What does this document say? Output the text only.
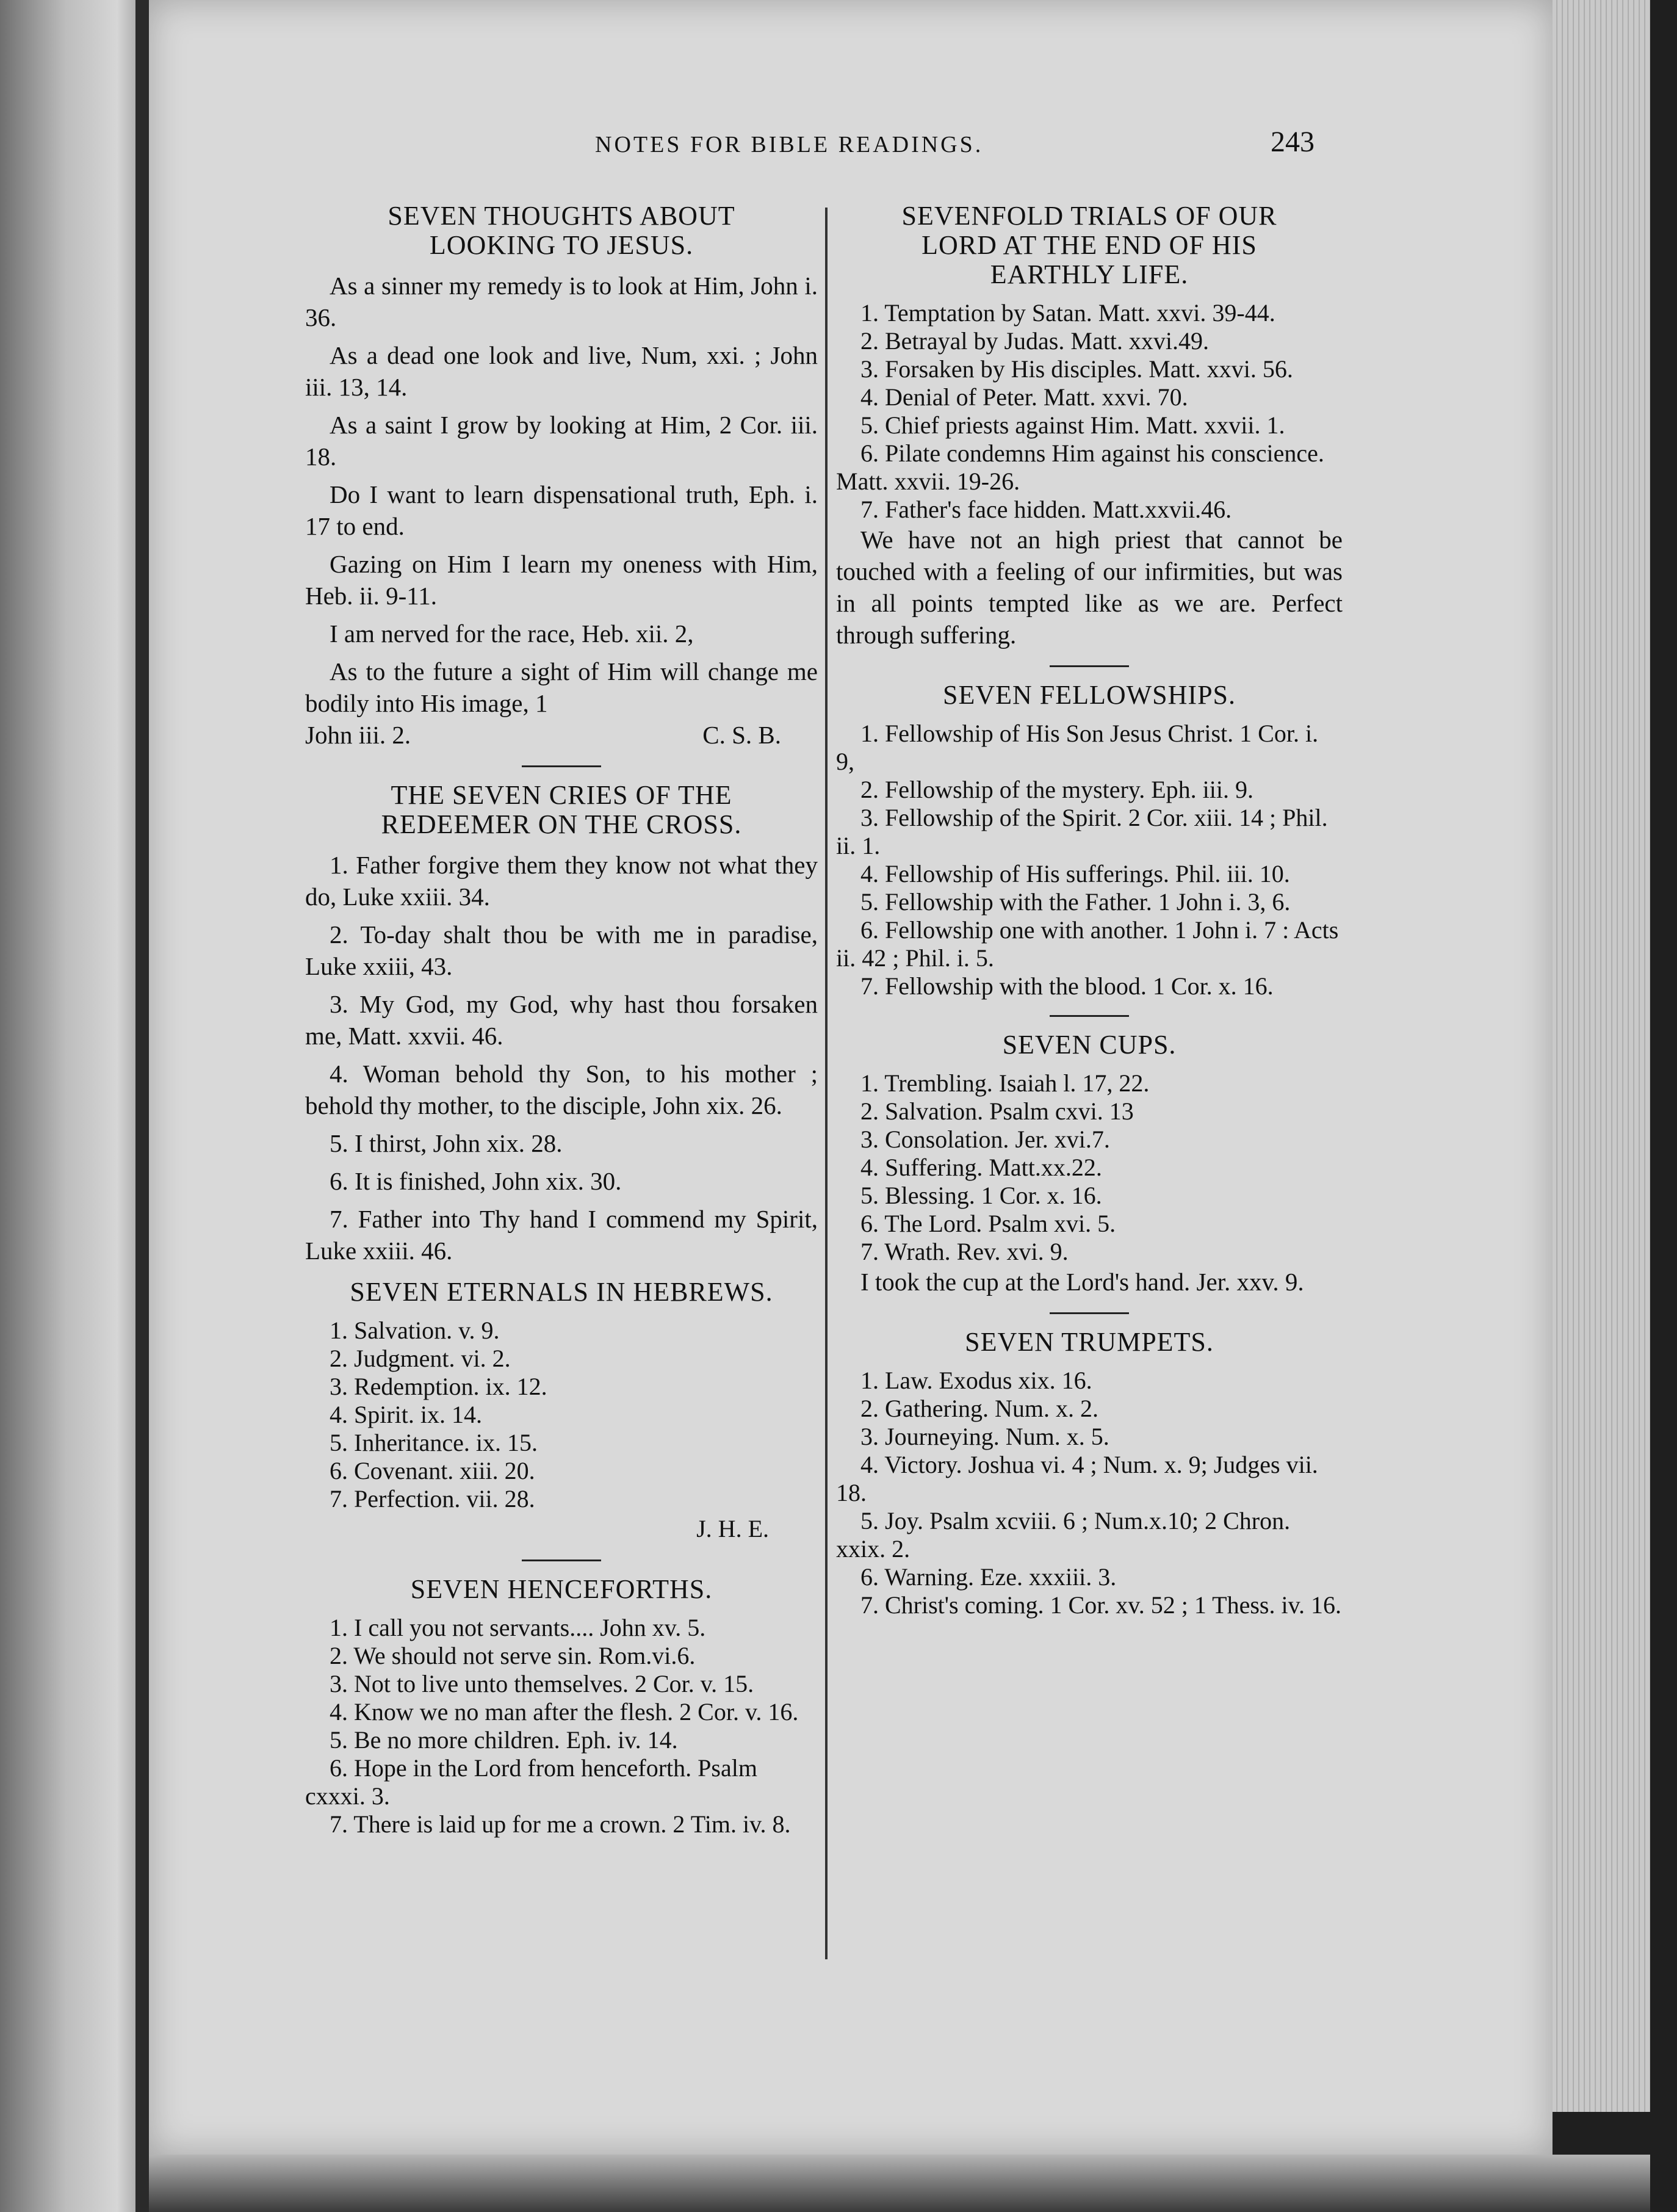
NOTES FOR BIBLE READINGS.	243
SEVEN THOUGHTS ABOUT
LOOKING TO JESUS.

As a sinner my remedy is to look at Him, John i. 36.

As a dead one look and live, Num, xxi. ; John iii. 13, 14.

As a saint I grow by looking at Him, 2 Cor. iii. 18.

Do I want to learn dispensational truth, Eph. i. 17 to end.

Gazing on Him I learn my oneness with Him, Heb. ii. 9-11.

I am nerved for the race, Heb. xii. 2,

As to the future a sight of Him will change me bodily into His image, 1

John iii. 2.	C. S. B.
THE SEVEN CRIES OF THE
REDEEMER ON THE CROSS.

1. Father forgive them they know not what they do, Luke xxiii. 34.

2. To-day shalt thou be with me in paradise, Luke xxiii, 43.

3. My God, my God, why hast thou forsaken me, Matt. xxvii. 46.

4. Woman behold thy Son, to his mother ; behold thy mother, to the disciple, John xix. 26.

5. I thirst, John xix. 28.

6. It is finished, John xix. 30.

7. Father into Thy hand I commend my Spirit, Luke xxiii. 46.

SEVEN ETERNALS IN HEBREWS.
1. Salvation. v. 9.
2. Judgment. vi. 2.
3. Redemption. ix. 12.
4. Spirit. ix. 14.
5. Inheritance. ix. 15.
6. Covenant. xiii. 20.
7. Perfection. vii. 28.
J. H. E.
SEVEN HENCEFORTHS.
1. I call you not servants.... John xv. 5.
2. We should not serve sin. Rom.vi.6.
3. Not to live unto themselves. 2 Cor. v. 15.
4. Know we no man after the flesh. 2 Cor. v. 16.
5. Be no more children. Eph. iv. 14.
6. Hope in the Lord from henceforth. Psalm cxxxi. 3.
7. There is laid up for me a crown. 2 Tim. iv. 8.
SEVENFOLD TRIALS OF OUR
LORD AT THE END OF HIS
EARTHLY LIFE.
1. Temptation by Satan. Matt. xxvi. 39-44.
2. Betrayal by Judas. Matt. xxvi.49.
3. Forsaken by His disciples. Matt. xxvi. 56.
4. Denial of Peter. Matt. xxvi. 70.
5. Chief priests against Him. Matt. xxvii. 1.
6. Pilate condemns Him against his conscience. Matt. xxvii. 19-26.
7. Father's face hidden. Matt.xxvii.46.

We have not an high priest that cannot be touched with a feeling of our infirmities, but was in all points tempted like as we are. Perfect through suffering.

SEVEN FELLOWSHIPS.
1. Fellowship of His Son Jesus Christ. 1 Cor. i. 9,
2. Fellowship of the mystery. Eph. iii. 9.
3. Fellowship of the Spirit. 2 Cor. xiii. 14 ; Phil. ii. 1.
4. Fellowship of His sufferings. Phil. iii. 10.
5. Fellowship with the Father. 1 John i. 3, 6.
6. Fellowship one with another. 1 John i. 7 : Acts ii. 42 ; Phil. i. 5.
7. Fellowship with the blood. 1 Cor. x. 16.
SEVEN CUPS.
1. Trembling. Isaiah l. 17, 22.
2. Salvation. Psalm cxvi. 13
3. Consolation. Jer. xvi.7.
4. Suffering. Matt.xx.22.
5. Blessing. 1 Cor. x. 16.
6. The Lord. Psalm xvi. 5.
7. Wrath. Rev. xvi. 9.

I took the cup at the Lord's hand. Jer. xxv. 9.

SEVEN TRUMPETS.
1. Law. Exodus xix. 16.
2. Gathering. Num. x. 2.
3. Journeying. Num. x. 5.
4. Victory. Joshua vi. 4 ; Num. x. 9; Judges vii. 18.
5. Joy. Psalm xcviii. 6 ; Num.x.10; 2 Chron. xxix. 2.
6. Warning. Eze. xxxiii. 3.
7. Christ's coming. 1 Cor. xv. 52 ; 1 Thess. iv. 16.
